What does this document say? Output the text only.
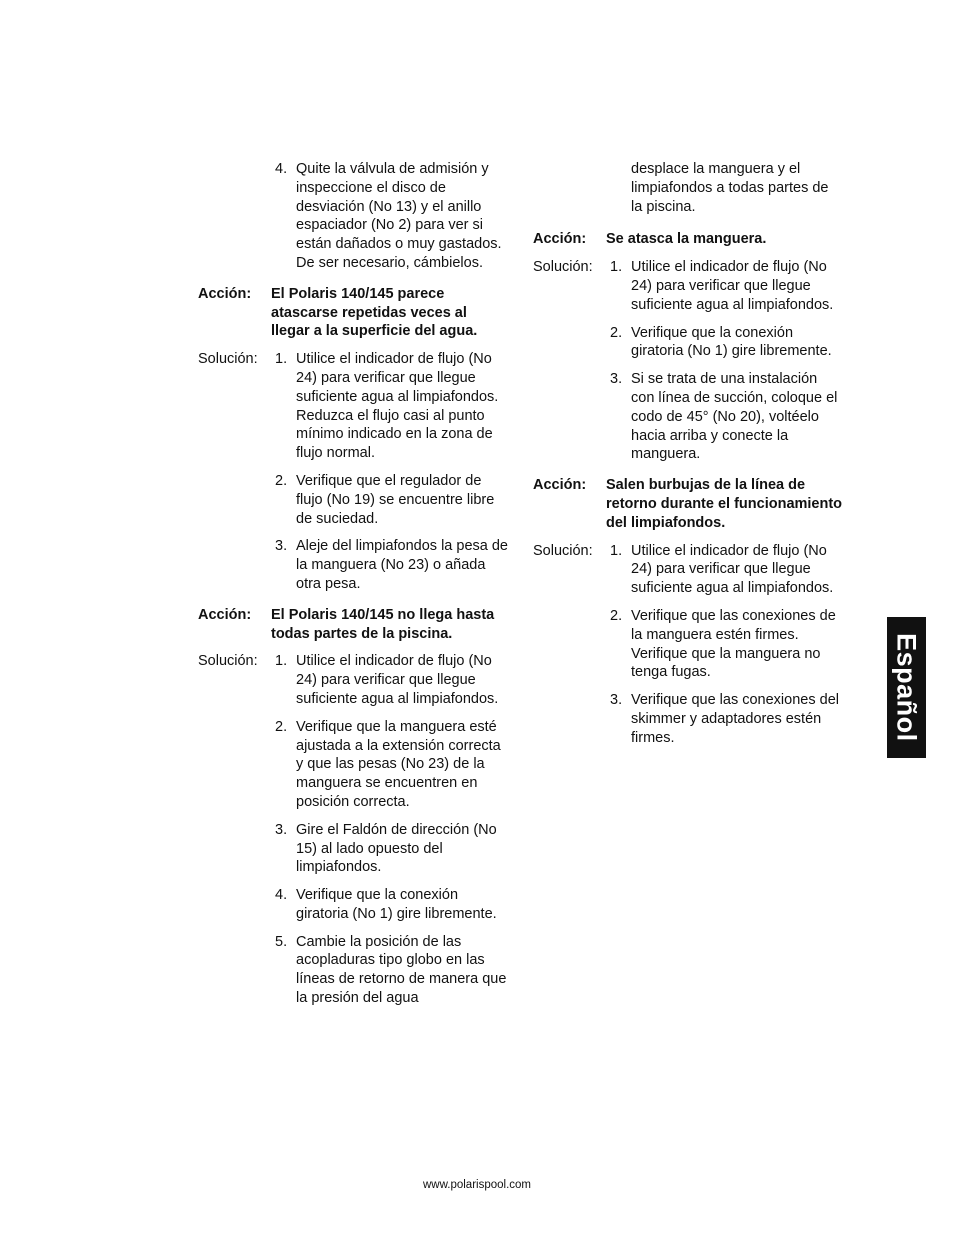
4. Quite la válvula de admisión y inspeccione el disco de desviación (No 13) y el anillo espaciador (No 2) para ver si están dañados o muy gastados. De ser necesario, cámbielos.
Acción: El Polaris 140/145 parece atascarse repetidas veces al llegar a la superficie del agua.
Solución: 1. Utilice el indicador de flujo (No 24) para verificar que llegue suficiente agua al limpiafondos. Reduzca el flujo casi al punto mínimo indicado en la zona de flujo normal.
2. Verifique que el regulador de flujo (No 19) se encuentre libre de suciedad.
3. Aleje del limpiafondos la pesa de la manguera (No 23) o añada otra pesa.
Acción: El Polaris 140/145 no llega hasta todas partes de la piscina.
Solución: 1. Utilice el indicador de flujo (No 24) para verificar que llegue suficiente agua al limpiafondos.
2. Verifique que la manguera esté ajustada a la extensión correcta y que las pesas (No 23) de la manguera se encuentren en posición correcta.
3. Gire el Faldón de dirección (No 15) al lado opuesto del limpiafondos.
4. Verifique que la conexión giratoria (No 1) gire libremente.
5. Cambie la posición de las acopladuras tipo globo en las líneas de retorno de manera que la presión del agua
desplace la manguera y el limpiafondos a todas partes de la piscina.
Acción: Se atasca la manguera.
Solución: 1. Utilice el indicador de flujo (No 24) para verificar que llegue suficiente agua al limpiafondos.
2. Verifique que la conexión giratoria (No 1) gire libremente.
3. Si se trata de una instalación con línea de succión, coloque el codo de 45° (No 20), voltéelo hacia arriba y conecte la manguera.
Acción: Salen burbujas de la línea de retorno durante el funcionamiento del limpiafondos.
Solución: 1. Utilice el indicador de flujo (No 24) para verificar que llegue suficiente agua al limpiafondos.
2. Verifique que las conexiones de la manguera estén firmes. Verifique que la manguera no tenga fugas.
3. Verifique que las conexiones del skimmer y adaptadores estén firmes.	Español
www.polarispool.com
